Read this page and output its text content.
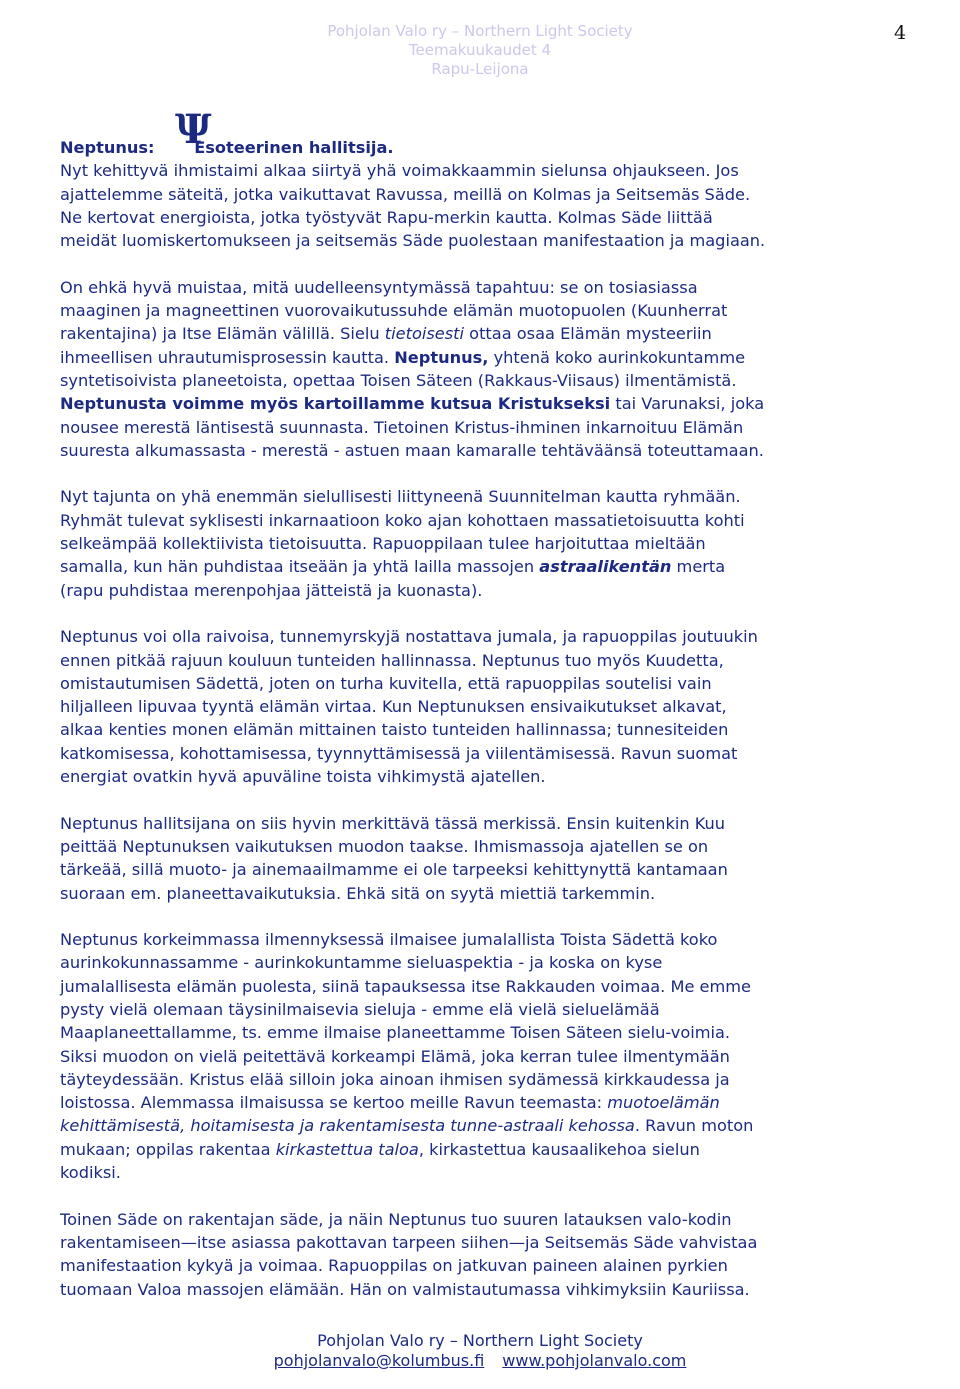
Pohjolan Valo ry – Northern Light Society
Teemakuukaudet 4
Rapu-Leijona
4
Neptunus: Ψ
Esoteerinen hallitsija.
Nyt kehittyvä ihmistaimi alkaa siirtyä yhä voimakkaammin sielunsa ohjaukseen. Jos
ajattelemme säteitä, jotka vaikuttavat Ravussa, meillä on Kolmas ja Seitsemäs Säde.
Ne kertovat energioista, jotka työstyvät Rapu-merkin kautta. Kolmas Säde liittää
meidät luomiskertomukseen ja seitsemäs Säde puolestaan manifestaation ja magiaan.
On ehkä hyvä muistaa, mitä uudelleensyntymässä tapahtuu: se on tosiasiassa
maaginen ja magneettinen vuorovaikutussuhde elämän muotopuolen (Kuunherrat
rakentajina) ja Itse Elämän välillä. Sielu tietoisesti ottaa osaa Elämän mysteeriin
ihmeellisen uhrautumisprosessin kautta. Neptunus, yhtenä koko aurinkokuntamme
syntetisoivista planeetoista, opettaa Toisen Säteen (Rakkaus-Viisaus) ilmentämistä.
Neptunusta voimme myös kartoillamme kutsua Kristukseksi tai Varunaksi, joka
nousee merestä läntisestä suunnasta. Tietoinen Kristus-ihminen inkarnoituu Elämän
suuresta alkumassasta - merestä - astuen maan kamaralle tehtäväänsä toteuttamaan.
Nyt tajunta on yhä enemmän sielullisesti liittyneenä Suunnitelman kautta ryhmään.
Ryhmät tulevat syklisesti inkarnaatioon koko ajan kohottaen massatietoisuutta kohti
selkeämpää kollektiivista tietoisuutta. Rapuoppilaan tulee harjoituttaa mieltään
samalla, kun hän puhdistaa itseään ja yhtä lailla massojen astraalikentän merta
(rapu puhdistaa merenpohjaa jätteistä ja kuonasta).
Neptunus voi olla raivoisa, tunnemyrskyjä nostattava jumala, ja rapuoppilas joutuukin
ennen pitkää rajuun kouluun tunteiden hallinnassa. Neptunus tuo myös Kuudetta,
omistautumisen Sädettä, joten on turha kuvitella, että rapuoppilas soutelisi vain
hiljalleen lipuvaa tyyntä elämän virtaa. Kun Neptunuksen ensivaikutukset alkavat,
alkaa kenties monen elämän mittainen taisto tunteiden hallinnassa; tunnesiteiden
katkomisessa, kohottamisessa, tyynnyttämisessä ja viilentämisessä. Ravun suomat
energiat ovatkin hyvä apuväline toista vihkimystä ajatellen.
Neptunus hallitsijana on siis hyvin merkittävä tässä merkissä. Ensin kuitenkin Kuu
peittää Neptunuksen vaikutuksen muodon taakse. Ihmismassoja ajatellen se on
tärkeää, sillä muoto- ja ainemaailmamme ei ole tarpeeksi kehittynyttä kantamaan
suoraan em. planeettavaikutuksia. Ehkä sitä on syytä miettiä tarkemmin.
Neptunus korkeimmassa ilmennyksessä ilmaisee jumalallista Toista Sädettä koko
aurinkokunnassamme - aurinkokuntamme sieluaspektia - ja koska on kyse
jumalallisesta elämän puolesta, siinä tapauksessa itse Rakkauden voimaa. Me emme
pysty vielä olemaan täysinilmaisevia sieluja - emme elä vielä sieluelämää
Maaplaneettallamme, ts. emme ilmaise planeettamme Toisen Säteen sielu-voimia.
Siksi muodon on vielä peitettävä korkeampi Elämä, joka kerran tulee ilmentymään
täyteydessään. Kristus elää silloin joka ainoan ihmisen sydämessä kirkkaudessa ja
loistossa. Alemmassa ilmaisussa se kertoo meille Ravun teemasta: muotoelämän
kehittämisestä, hoitamisesta ja rakentamisesta tunne-astraali kehossa. Ravun moton
mukaan; oppilas rakentaa kirkastettua taloa, kirkastettua kausaalikehoa sielun
kodiksi.
Toinen Säde on rakentajan säde, ja näin Neptunus tuo suuren latauksen valo-kodin
rakentamiseen—itse asiassa pakottavan tarpeen siihen—ja Seitsemäs Säde vahvistaa
manifestaation kykyä ja voimaa. Rapuoppilas on jatkuvan paineen alainen pyrkien
tuomaan Valoa massojen elämään. Hän on valmistautumassa vihkimyksiin Kauriissa.
Pohjolan Valo ry – Northern Light Society
pohjolanvalo@kolumbus.fi www.pohjolanvalo.com
